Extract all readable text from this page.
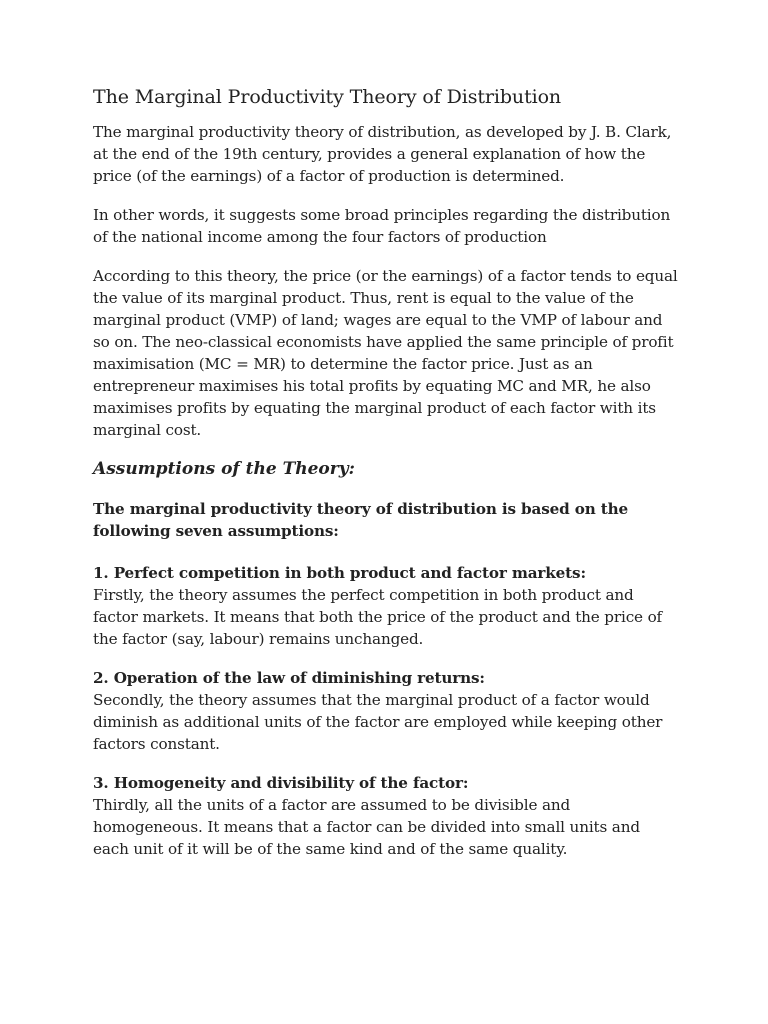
The Marginal Productivity Theory of Distribution

The marginal productivity theory of distribution, as developed by J. B. Clark, at the end of the 19th century, provides a general explanation of how the price (of the earnings) of a factor of production is determined.

In other words, it suggests some broad principles regarding the distribution of the national income among the four factors of production

According to this theory, the price (or the earnings) of a factor tends to equal the value of its marginal product. Thus, rent is equal to the value of the marginal product (VMP) of land; wages are equal to the VMP of labour and so on. The neo-classical economists have applied the same principle of profit maximisation (MC = MR) to determine the factor price. Just as an entrepreneur maximises his total profits by equating MC and MR, he also maximises profits by equating the marginal product of each factor with its marginal cost.

Assumptions of the Theory:

The marginal productivity theory of distribution is based on the following seven assumptions:

1. Perfect competition in both product and factor markets:

Firstly, the theory assumes the perfect competition in both product and factor markets. It means that both the price of the product and the price of the factor (say, labour) remains unchanged.

2. Operation of the law of diminishing returns:

Secondly, the theory assumes that the marginal product of a factor would diminish as additional units of the factor are employed while keeping other factors constant.

3. Homogeneity and divisibility of the factor:

Thirdly, all the units of a factor are assumed to be divisible and homogeneous. It means that a factor can be divided into small units and each unit of it will be of the same kind and of the same quality.
